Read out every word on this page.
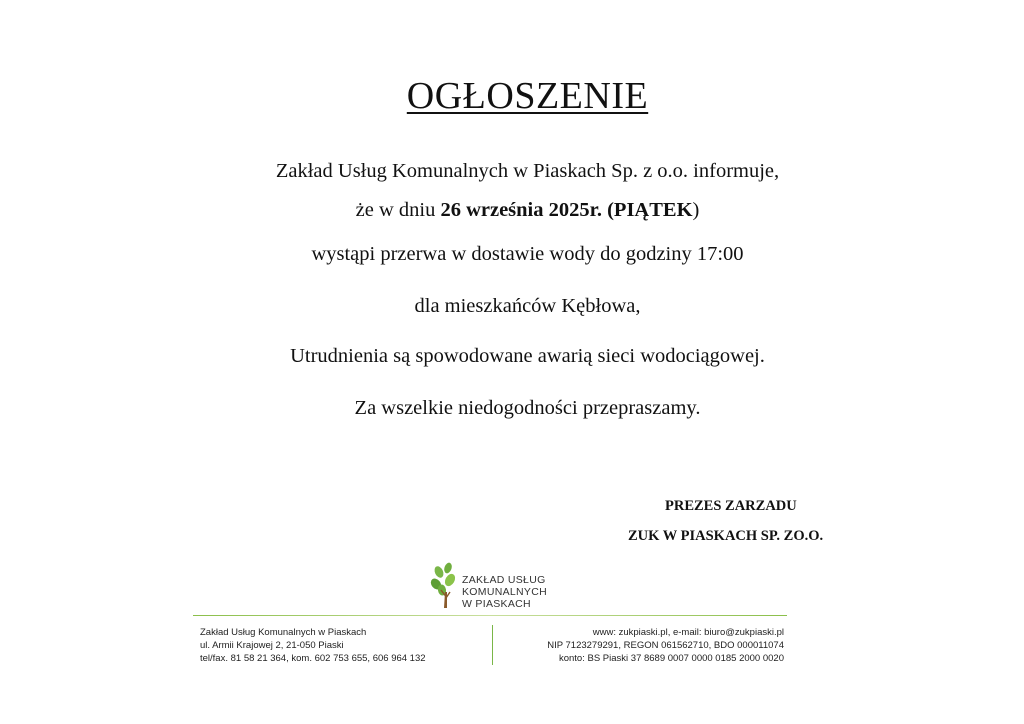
OGŁOSZENIE
Zakład Usług Komunalnych w Piaskach Sp. z o.o. informuje,
że w dniu 26 września 2025r. (PIĄTEK)
wystąpi przerwa w dostawie wody do godziny 17:00
dla mieszkańców Kębłowa,
Utrudnienia są spowodowane awarią sieci wodociągowej.
Za wszelkie niedogodności przepraszamy.
PREZES ZARZADU
ZUK W PIASKACH SP. ZO.O.
ZAKŁAD USŁUG
KOMUNALNYCH
W PIASKACH
Zakład Usług Komunalnych w Piaskach
ul. Armii Krajowej 2, 21-050 Piaski
tel/fax. 81 58 21 364, kom. 602 753 655, 606 964 132
www: zukpiaski.pl, e-mail: biuro@zukpiaski.pl
NIP 7123279291, REGON 061562710, BDO 000011074
konto: BS Piaski 37 8689 0007 0000 0185 2000 0020
